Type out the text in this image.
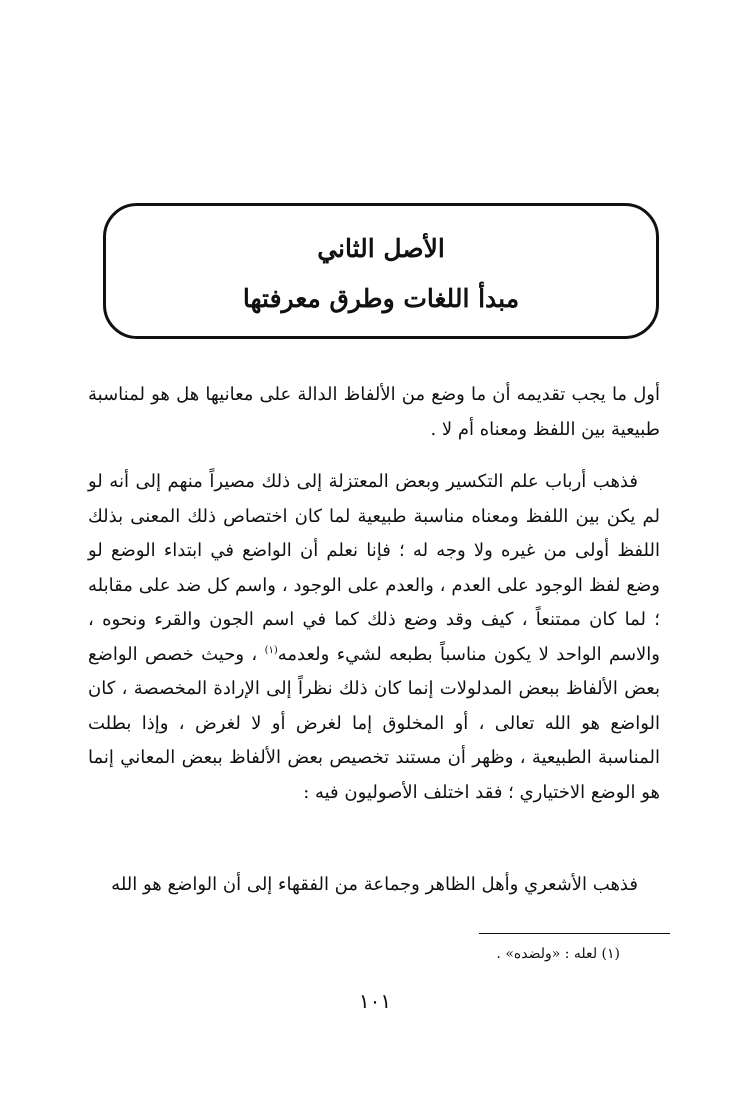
الأصل الثاني
مبدأ اللغات وطرق معرفتها

أول ما يجب تقديمه أن ما وضع من الألفاظ الدالة على معانيها هل هو لمناسبة طبيعية بين اللفظ ومعناه أم لا .

فذهب أرباب علم التكسير وبعض المعتزلة إلى ذلك مصيراً منهم إلى أنه لو لم يكن بين اللفظ ومعناه مناسبة طبيعية لما كان اختصاص ذلك المعنى بذلك اللفظ أولى من غيره ولا وجه له ؛ فإنا نعلم أن الواضع في ابتداء الوضع لو وضع لفظ الوجود على العدم ، والعدم على الوجود ، واسم كل ضد على مقابله ؛ لما كان ممتنعاً ، كيف وقد وضع ذلك كما في اسم الجون والقرء ونحوه ، والاسم الواحد لا يكون مناسباً بطبعه لشيء ولعدمه$^{(١)}$ ، وحيث خصص الواضع بعض الألفاظ ببعض المدلولات إنما كان ذلك نظراً إلى الإرادة المخصصة ، كان الواضع هو الله تعالى ، أو المخلوق إما لغرض أو لا لغرض ، وإذا بطلت المناسبة الطبيعية ، وظهر أن مستند تخصيص بعض الألفاظ ببعض المعاني إنما هو الوضع الاختياري ؛ فقد اختلف الأصوليون فيه :

فذهب الأشعري وأهل الظاهر وجماعة من الفقهاء إلى أن الواضع هو الله

(١) لعله : «ولضده» .
١٠١
